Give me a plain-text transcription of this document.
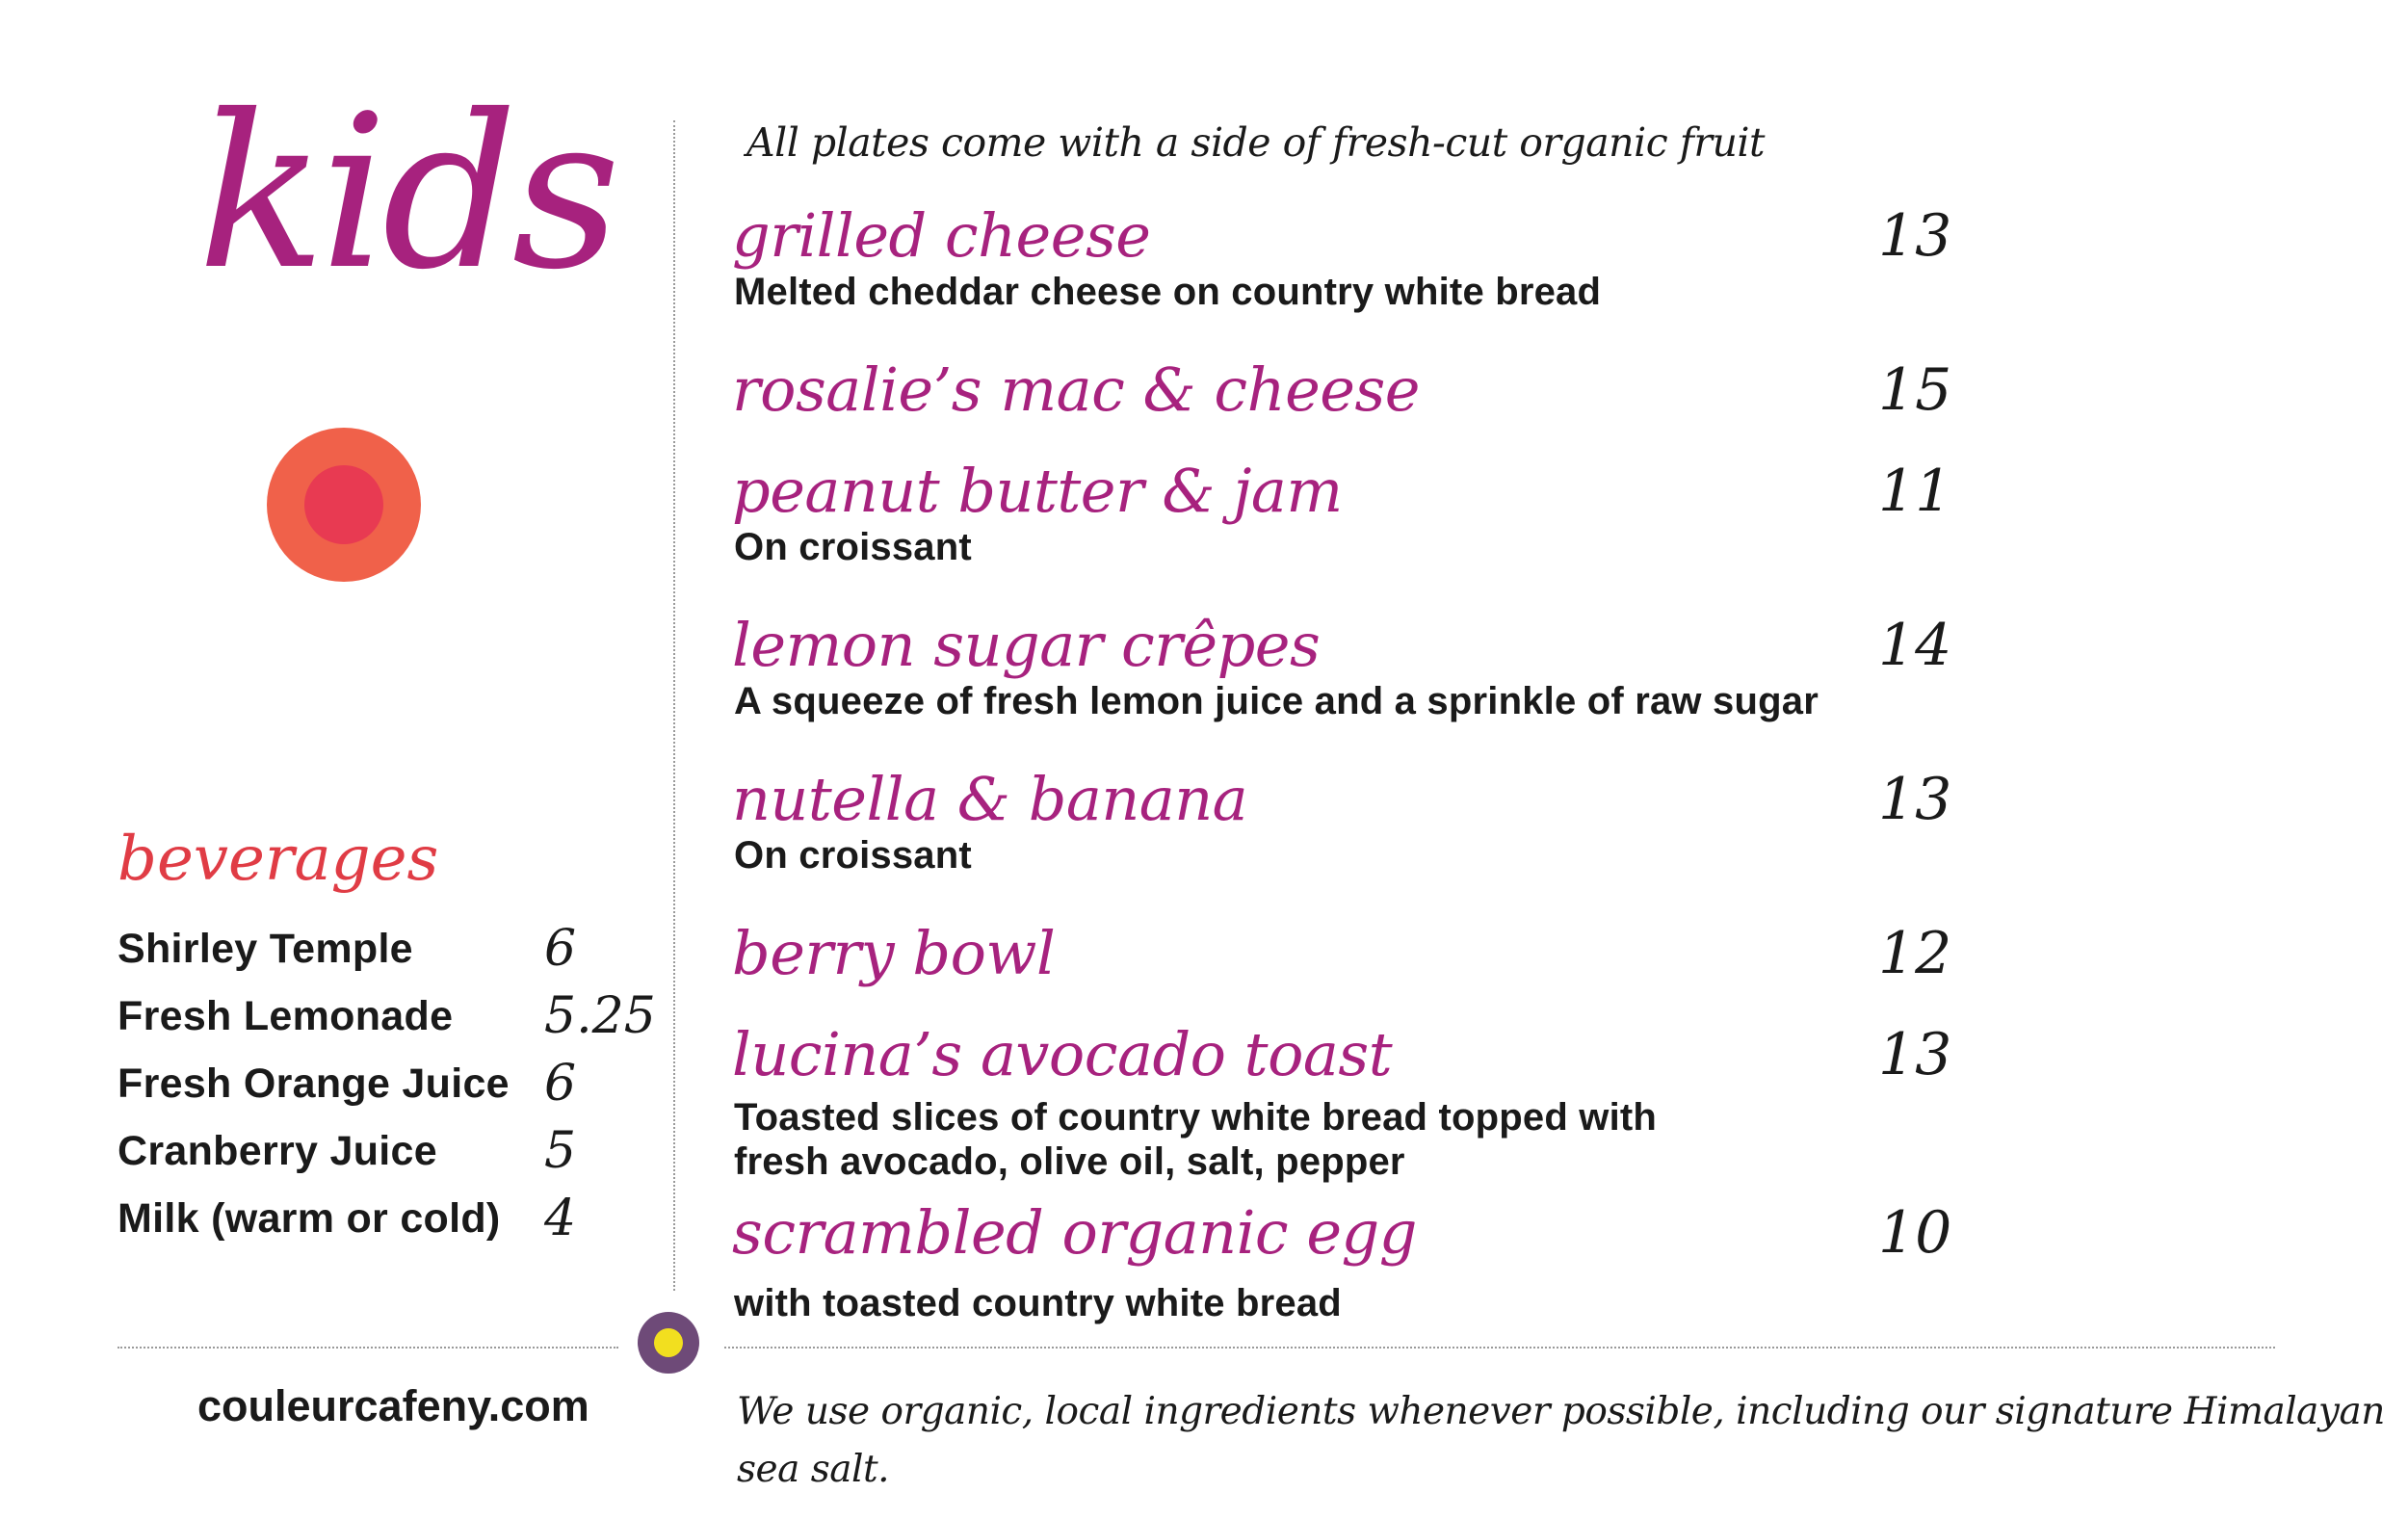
kids	All plates come with a side of fresh-cut organic fruit
grilled cheese	13
Melted cheddar cheese on country white bread
rosalie’s mac & cheese	15
peanut butter & jam	11
On croissant
lemon sugar crêpes	14
A squeeze of fresh lemon juice and a sprinkle of raw sugar
nutella & banana	13
On croissant
berry bowl	12
lucina’s avocado toast	13
Toasted slices of country white bread topped with
fresh avocado, olive oil, salt, pepper
scrambled organic egg	10
with toasted country white bread
beverages
Shirley Temple	6
Fresh Lemonade 5.25
Fresh Orange Juice 6
Cranberry Juice 5
Milk (warm or cold) 4
couleurcafeny.com	We use organic, local ingredients whenever possible, including our signature Himalayan sea salt.
